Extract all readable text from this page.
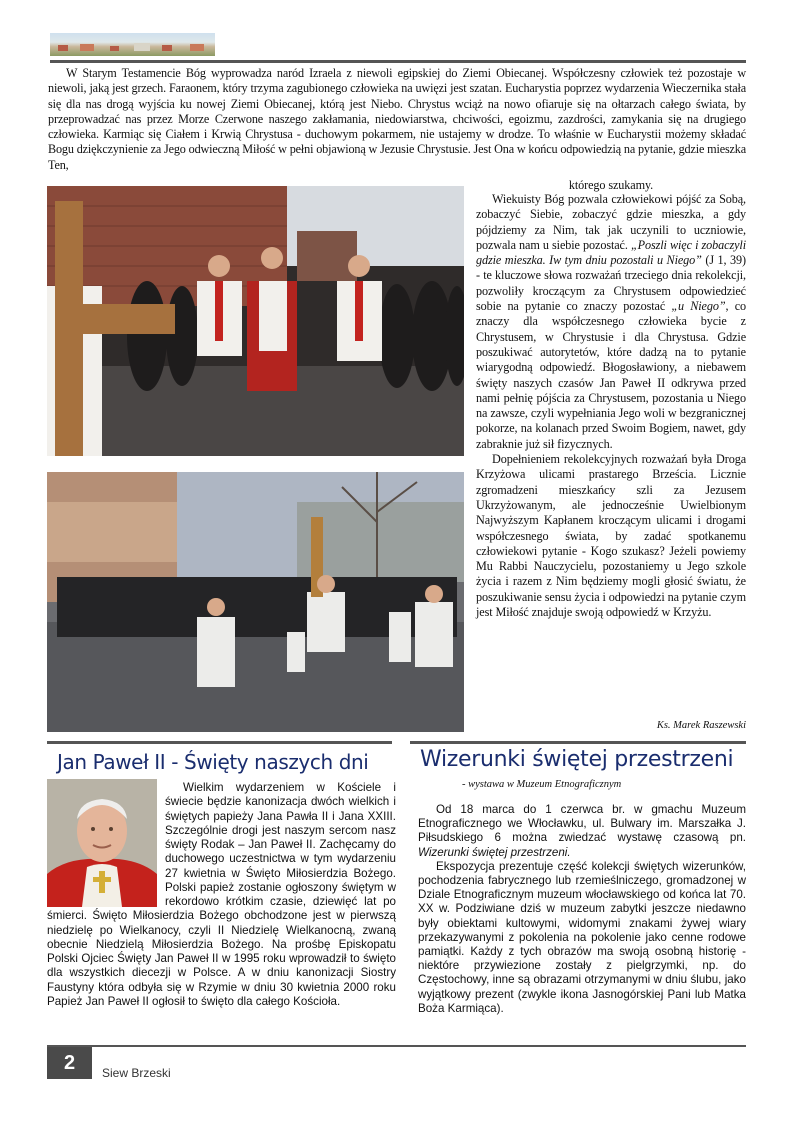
W Starym Testamencie Bóg wyprowadza naród Izraela z niewoli egipskiej do Ziemi Obiecanej. Współczesny człowiek też pozostaje w niewoli, jaką jest grzech. Faraonem, który trzyma zagubionego człowieka na uwięzi jest szatan. Eucharystia poprzez wydarzenia Wieczernika stała się dla nas drogą wyjścia ku nowej Ziemi Obiecanej, którą jest Niebo. Chrystus wciąż na nowo ofiaruje się na ołtarzach całego świata, by przeprowadzać nas przez Morze Czerwone naszego zakłamania, niedowiarstwa, chciwości, egoizmu, zazdrości, zamykania się na drugiego człowieka. Karmiąc się Ciałem i Krwią Chrystusa - duchowym pokarmem, nie ustajemy w drodze. To właśnie w Eucharystii możemy składać Bogu dziękczynienie za Jego odwieczną Miłość w pełni objawioną w Jezusie Chrystusie. Jest Ona w końcu odpowiedzią na pytanie, gdzie mieszka Ten,

którego szukamy.

Wiekuisty Bóg pozwala człowiekowi pójść za Sobą, zobaczyć Siebie, zobaczyć gdzie mieszka, a gdy pójdziemy za Nim, tak jak uczynili to uczniowie, pozwala nam u siebie pozostać. „Poszli więc i zobaczyli gdzie mieszka. Iw tym dniu pozostali u Niego” (J 1, 39) - te kluczowe słowa rozważań trzeciego dnia rekolekcji, pozwoliły kroczącym za Chrystusem odpowiedzieć sobie na pytanie co znaczy pozostać „u Niego”, co znaczy dla współczesnego człowieka bycie z Chrystusem, w Chrystusie i dla Chrystusa. Gdzie poszukiwać autorytetów, które dadzą na to pytanie wiarygodną odpowiedź. Błogosławiony, a niebawem święty naszych czasów Jan Paweł II odkrywa przed nami pełnię pójścia za Chrystusem, pozostania u Niego na zawsze, czyli wypełniania Jego woli w bezgranicznej pokorze, na kolanach przed Swoim Bogiem, nawet, gdy zabraknie już sił fizycznych.

Dopełnieniem rekolekcyjnych rozważań była Droga Krzyżowa ulicami prastarego Brześcia. Licznie zgromadzeni mieszkańcy szli za Jezusem Ukrzyżowanym, ale jednocześnie Uwielbionym Najwyższym Kapłanem kroczącym ulicami i drogami współczesnego świata, by zadać spotkanemu człowiekowi pytanie - Kogo szukasz? Jeżeli powiemy Mu Rabbi Nauczycielu, pozostaniemy u Jego szkole życia i razem z Nim będziemy mogli głosić światu, że poszukiwanie sensu życia i odpowiedzi na pytanie czym jest Miłość znajduje swoją odpowiedź w Krzyżu.

Ks. Marek Raszewski
Jan Paweł II - Święty naszych dni

Wielkim wydarzeniem w Kościele i świecie będzie kanonizacja dwóch wielkich i świętych papieży Jana Pawła II i Jana XXIII. Szczególnie drogi jest naszym sercom nasz święty Rodak – Jan Paweł II. Zachęcamy do duchowego uczestnictwa w tym wydarzeniu 27 kwietnia w Święto Miłosierdzia Bożego. Polski papież zostanie ogłoszony świętym w rekordowo krótkim czasie, dziewięć lat po śmierci. Święto Miłosierdzia Bożego obchodzone jest w pierwszą niedzielę po Wielkanocy, czyli II Niedzielę Wielkanocną, zwaną obecnie Niedzielą Miłosierdzia Bożego. Na prośbę Episkopatu Polski Ojciec Święty Jan Paweł II w 1995 roku wprowadził to święto dla wszystkich diecezji w Polsce. A w dniu kanonizacji Siostry Faustyny która odbyła się w Rzymie w dniu 30 kwietnia 2000 roku Papież Jan Paweł II ogłosił to święto dla całego Kościoła.

Wizerunki świętej przestrzeni
- wystawa w Muzeum Etnograficznym

Od 18 marca do 1 czerwca br. w gmachu Muzeum Etnograficznego we Włocławku, ul. Bulwary im. Marszałka J. Piłsudskiego 6 można zwiedzać wystawę czasową pn. Wizerunki świętej przestrzeni.

Ekspozycja prezentuje część kolekcji świętych wizerunków, pochodzenia fabrycznego lub rzemieślniczego, gromadzonej w Dziale Etnograficznym muzeum włocławskiego od końca lat 70. XX w. Podziwiane dziś w muzeum zabytki jeszcze niedawno były obiektami kultowymi, widomymi znakami żywej wiary przekazywanymi z pokolenia na pokolenie jako cenne rodowe pamiątki. Każdy z tych obrazów ma swoją osobną historię - niektóre przywiezione zostały z pielgrzymki, np. do Częstochowy, inne są obrazami otrzymanymi w dniu ślubu, jako wyjątkowy prezent (zwykle ikona Jasnogórskiej Pani lub Matka Boża Karmiąca).

2	Siew Brzeski
